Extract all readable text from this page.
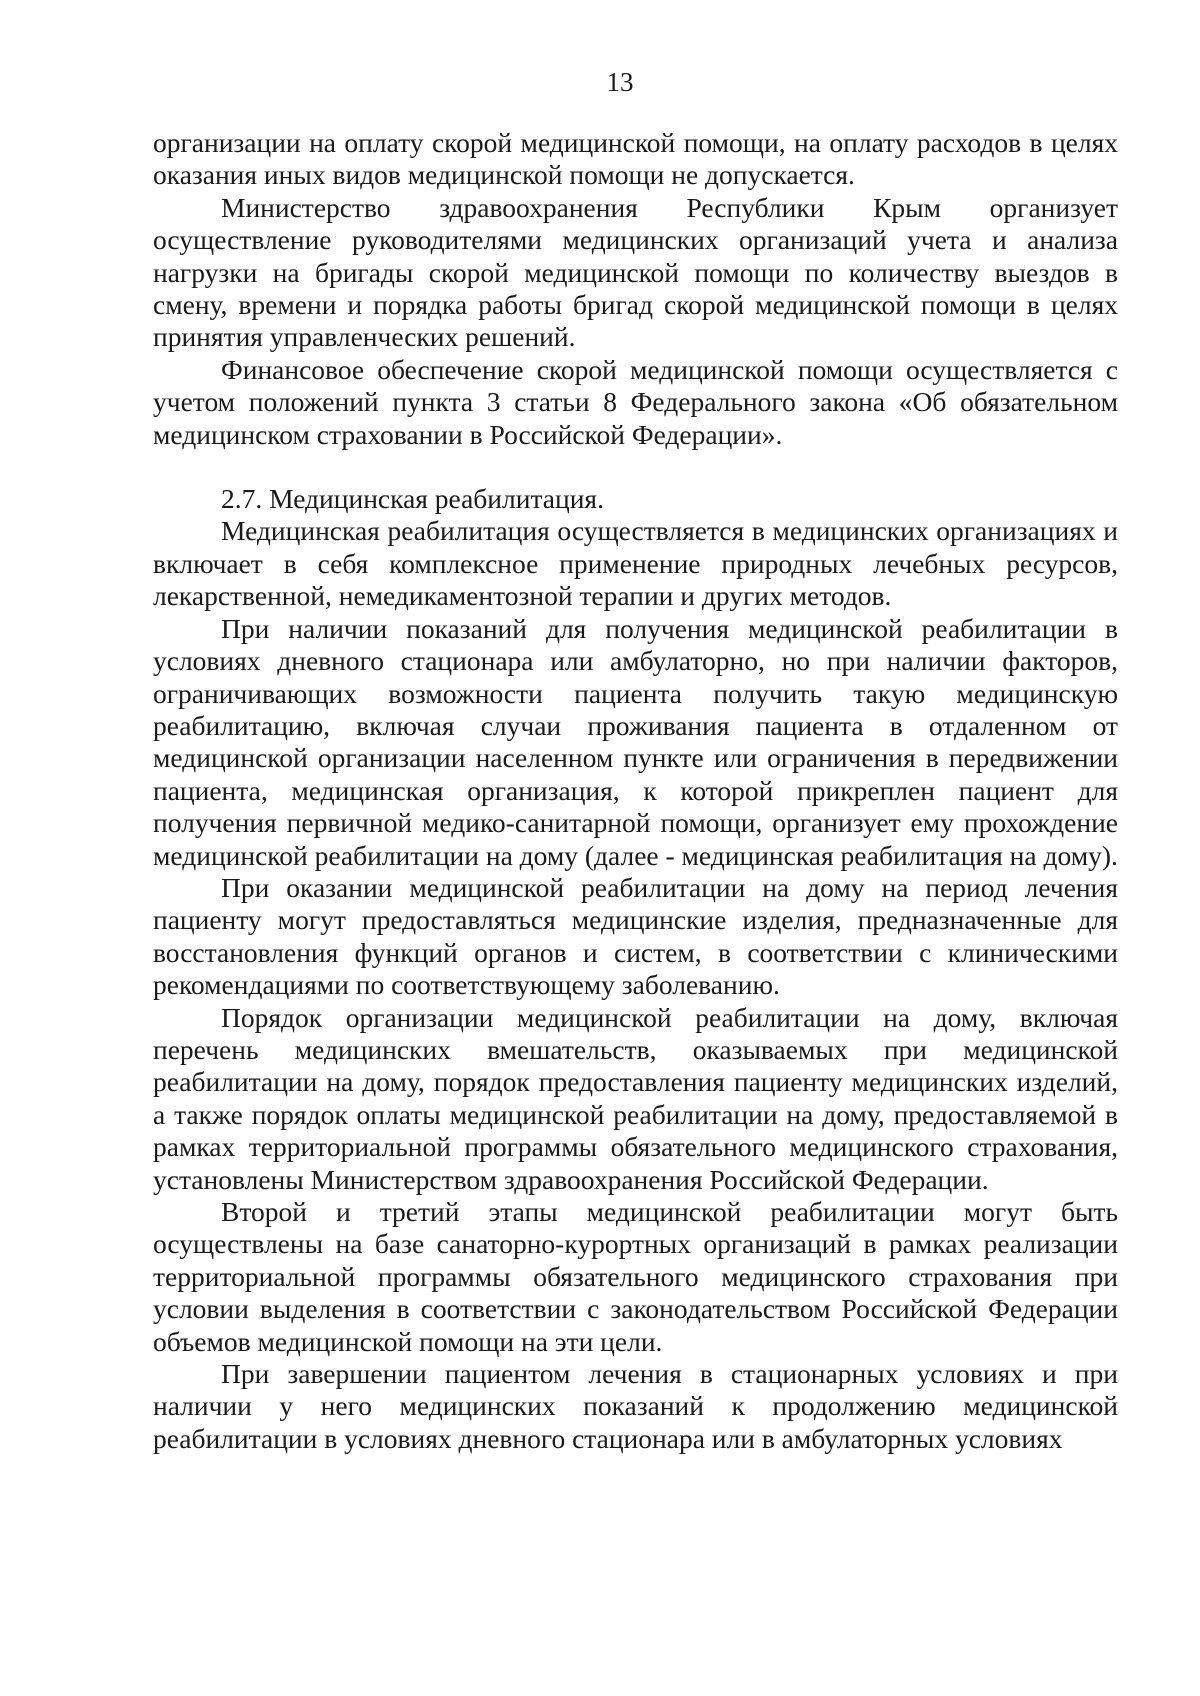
13

организации на оплату скорой медицинской помощи, на оплату расходов в целях оказания иных видов медицинской помощи не допускается.

Министерство здравоохранения Республики Крым организует осуществление руководителями медицинских организаций учета и анализа нагрузки на бригады скорой медицинской помощи по количеству выездов в смену, времени и порядка работы бригад скорой медицинской помощи в целях принятия управленческих решений.

Финансовое обеспечение скорой медицинской помощи осуществляется с учетом положений пункта 3 статьи 8 Федерального закона «Об обязательном медицинском страховании в Российской Федерации».

2.7. Медицинская реабилитация.

Медицинская реабилитация осуществляется в медицинских организациях и включает в себя комплексное применение природных лечебных ресурсов, лекарственной, немедикаментозной терапии и других методов.

При наличии показаний для получения медицинской реабилитации в условиях дневного стационара или амбулаторно, но при наличии факторов, ограничивающих возможности пациента получить такую медицинскую реабилитацию, включая случаи проживания пациента в отдаленном от медицинской организации населенном пункте или ограничения в передвижении пациента, медицинская организация, к которой прикреплен пациент для получения первичной медико-санитарной помощи, организует ему прохождение медицинской реабилитации на дому (далее - медицинская реабилитация на дому).

При оказании медицинской реабилитации на дому на период лечения пациенту могут предоставляться медицинские изделия, предназначенные для восстановления функций органов и систем, в соответствии с клиническими рекомендациями по соответствующему заболеванию.

Порядок организации медицинской реабилитации на дому, включая перечень медицинских вмешательств, оказываемых при медицинской реабилитации на дому, порядок предоставления пациенту медицинских изделий, а также порядок оплаты медицинской реабилитации на дому, предоставляемой в рамках территориальной программы обязательного медицинского страхования, установлены Министерством здравоохранения Российской Федерации.

Второй и третий этапы медицинской реабилитации могут быть осуществлены на базе санаторно-курортных организаций в рамках реализации территориальной программы обязательного медицинского страхования при условии выделения в соответствии с законодательством Российской Федерации объемов медицинской помощи на эти цели.

При завершении пациентом лечения в стационарных условиях и при наличии у него медицинских показаний к продолжению медицинской реабилитации в условиях дневного стационара или в амбулаторных условиях
